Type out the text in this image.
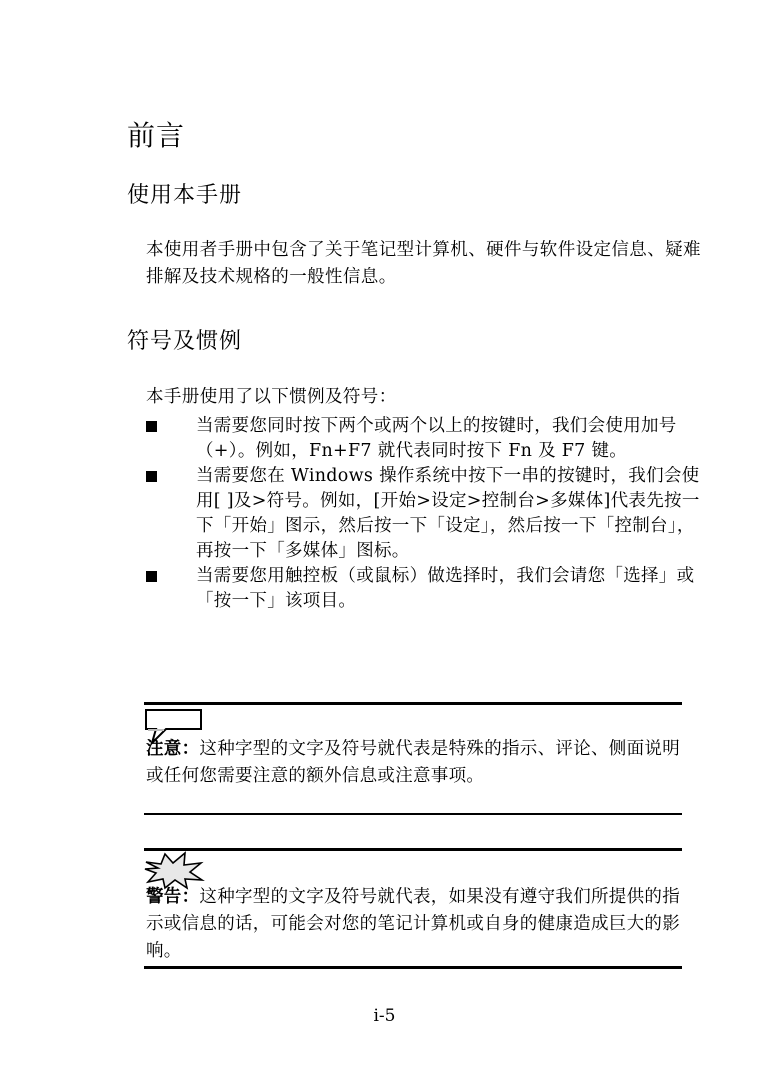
前言
使用本手册
本使用者手册中包含了关于笔记型计算机、硬件与软件设定信息、疑难排解及技术规格的一般性信息。
符号及惯例
本手册使用了以下惯例及符号：
当需要您同时按下两个或两个以上的按键时，我们会使用加号（+）。例如，Fn+F7 就代表同时按下 Fn 及 F7 键。
当需要您在 Windows 操作系统中按下一串的按键时，我们会使用[ ]及>符号。例如，[开始>设定>控制台>多媒体]代表先按一下「开始」图示，然后按一下「设定」，然后按一下「控制台」，再按一下「多媒体」图标。
当需要您用触控板（或鼠标）做选择时，我们会请您「选择」或「按一下」该项目。
注意：这种字型的文字及符号就代表是特殊的指示、评论、侧面说明或任何您需要注意的额外信息或注意事项。
警告：这种字型的文字及符号就代表，如果没有遵守我们所提供的指示或信息的话，可能会对您的笔记计算机或自身的健康造成巨大的影响。
i-5
